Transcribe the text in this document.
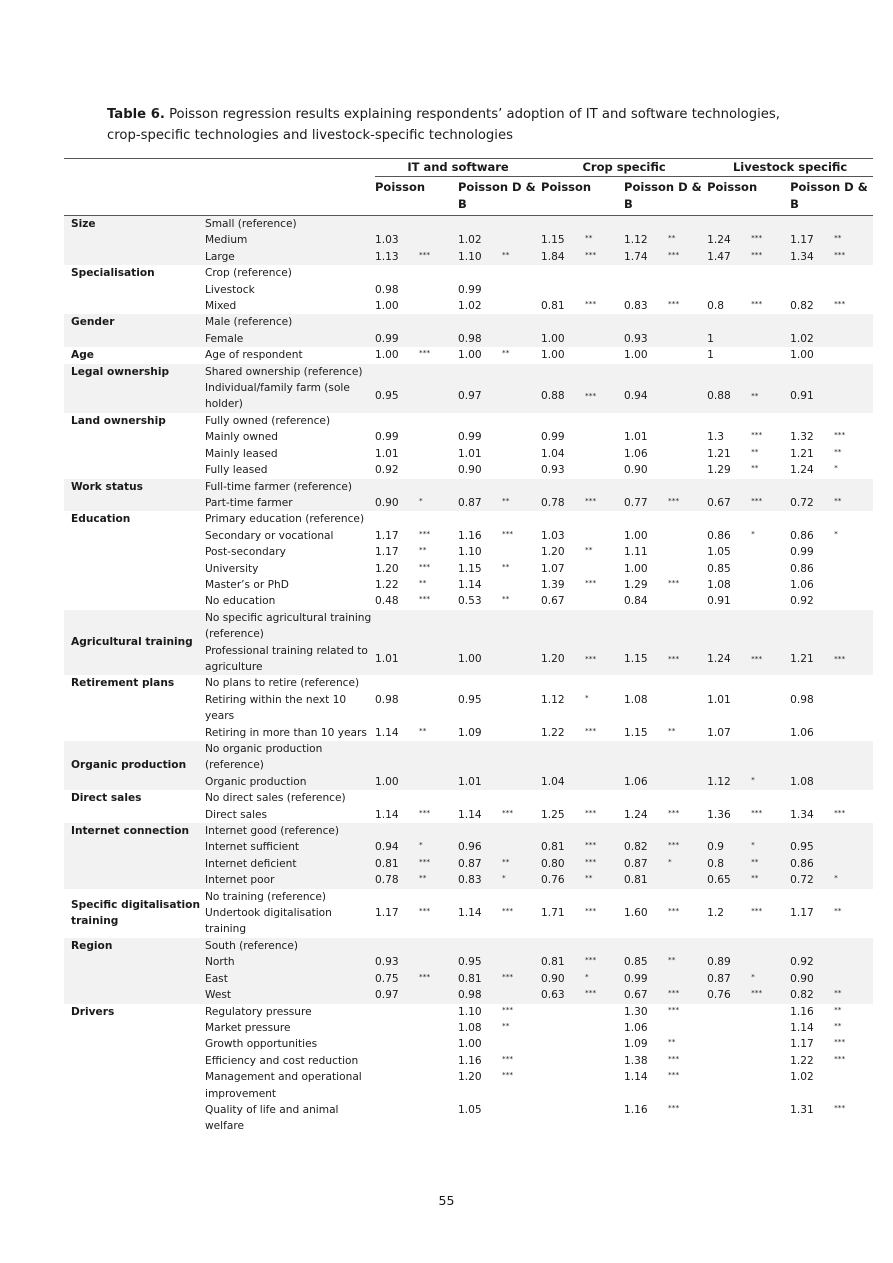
Table 6. Poisson regression results explaining respondents’ adoption of IT and software technologies, crop-specific technologies and livestock-specific technologies

		IT and software				Crop specific				Livestock specific			

		Poisson		Poisson D & B		Poisson		Poisson D & B		Poisson		Poisson D & B	
Size	Small (reference)												
	Medium	1.03		1.02		1.15	**	1.12	**	1.24	***	1.17	**
	Large	1.13	***	1.10	**	1.84	***	1.74	***	1.47	***	1.34	***
Specialisation	Crop (reference)												
	Livestock	0.98		0.99									
	Mixed	1.00		1.02		0.81	***	0.83	***	0.8	***	0.82	***
Gender	Male (reference)												
	Female	0.99		0.98		1.00		0.93		1		1.02	
Age	Age of respondent	1.00	***	1.00	**	1.00		1.00		1		1.00	
Legal ownership	Shared ownership (reference)												
	Individual/family farm (sole holder)	0.95		0.97		0.88	***	0.94		0.88	**	0.91	
Land ownership	Fully owned (reference)												
	Mainly owned	0.99		0.99		0.99		1.01		1.3	***	1.32	***
	Mainly leased	1.01		1.01		1.04		1.06		1.21	**	1.21	**
	Fully leased	0.92		0.90		0.93		0.90		1.29	**	1.24	*
Work status	Full-time farmer (reference)												
	Part-time farmer	0.90	*	0.87	**	0.78	***	0.77	***	0.67	***	0.72	**
Education	Primary education (reference)												
	Secondary or vocational	1.17	***	1.16	***	1.03		1.00		0.86	*	0.86	*
	Post-secondary	1.17	**	1.10		1.20	**	1.11		1.05		0.99	
	University	1.20	***	1.15	**	1.07		1.00		0.85		0.86	
	Master’s or PhD	1.22	**	1.14		1.39	***	1.29	***	1.08		1.06	
	No education	0.48	***	0.53	**	0.67		0.84		0.91		0.92	
Agricultural training	No specific agricultural training (reference)												
	Professional training related to agriculture	1.01		1.00		1.20	***	1.15	***	1.24	***	1.21	***
Retirement plans	No plans to retire (reference)												
	Retiring within the next 10 years	0.98		0.95		1.12	*	1.08		1.01		0.98	
	Retiring in more than 10 years	1.14	**	1.09		1.22	***	1.15	**	1.07		1.06	
Organic production	No organic production (reference)												
	Organic production	1.00		1.01		1.04		1.06		1.12	*	1.08	
Direct sales	No direct sales (reference)												
	Direct sales	1.14	***	1.14	***	1.25	***	1.24	***	1.36	***	1.34	***
Internet connection	Internet good (reference)												
	Internet sufficient	0.94	*	0.96		0.81	***	0.82	***	0.9	*	0.95	
	Internet deficient	0.81	***	0.87	**	0.80	***	0.87	*	0.8	**	0.86	
	Internet poor	0.78	**	0.83	*	0.76	**	0.81		0.65	**	0.72	*
Specific digitalisation training	No training (reference)												
	Undertook digitalisation training	1.17	***	1.14	***	1.71	***	1.60	***	1.2	***	1.17	**
Region	South (reference)												
	North	0.93		0.95		0.81	***	0.85	**	0.89		0.92	
	East	0.75	***	0.81	***	0.90	*	0.99		0.87	*	0.90	
	West	0.97		0.98		0.63	***	0.67	***	0.76	***	0.82	**
Drivers	Regulatory pressure			1.10	***			1.30	***			1.16	**
	Market pressure			1.08	**			1.06				1.14	**
	Growth opportunities			1.00				1.09	**			1.17	***
	Efficiency and cost reduction			1.16	***			1.38	***			1.22	***
	Management and operational improvement			1.20	***			1.14	***			1.02	
	Quality of life and animal welfare			1.05				1.16	***			1.31	***
55
